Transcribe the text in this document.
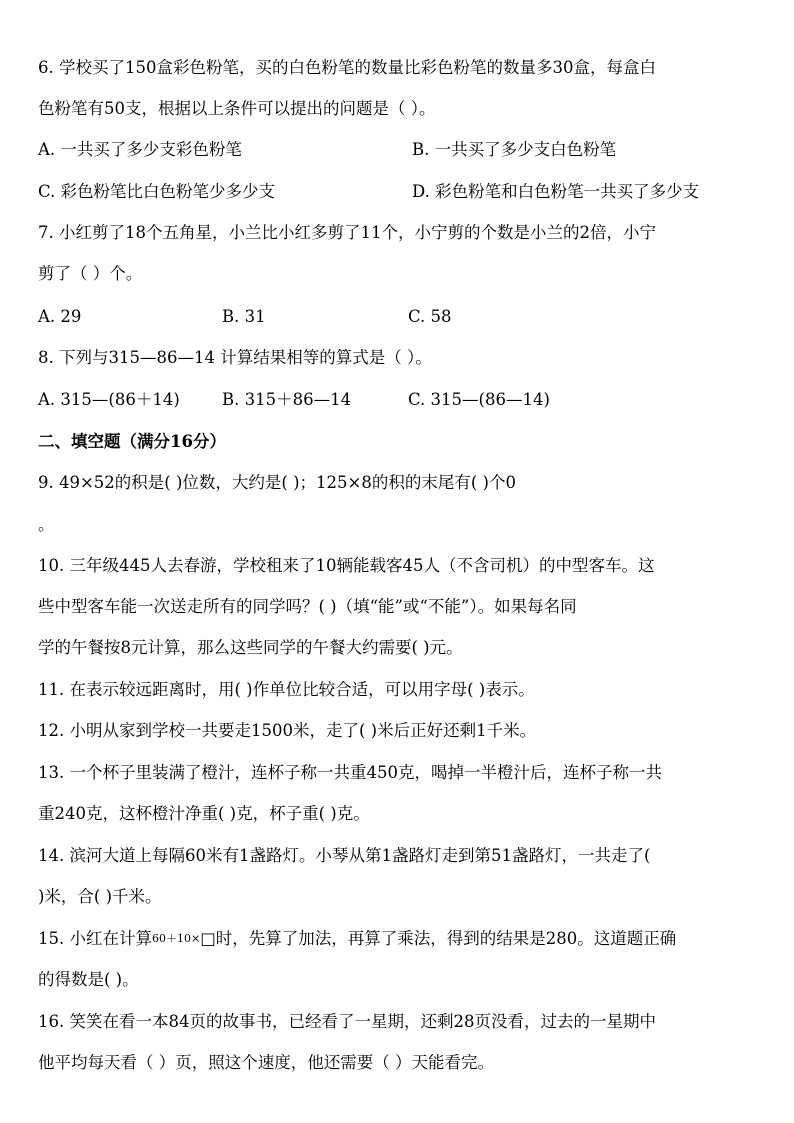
6. 学校买了150盒彩色粉笔，买的白色粉笔的数量比彩色粉笔的数量多30盒，每盒白
色粉笔有50支，根据以上条件可以提出的问题是（ ）。
A. 一共买了多少支彩色粉笔	B. 一共买了多少支白色粉笔
C. 彩色粉笔比白色粉笔少多少支	D. 彩色粉笔和白色粉笔一共买了多少支
7. 小红剪了18个五角星，小兰比小红多剪了11个，小宁剪的个数是小兰的2倍，小宁
剪了（ ）个。
A. 29	B. 31	C. 58
8. 下列与315—86—14 计算结果相等的算式是（ ）。
A. 315—(86＋14)	B. 315＋86—14	C. 315—(86—14)
二、填空题（满分16分）
9. 49×52的积是( )位数，大约是( )；125×8的积的末尾有( )个0
。
10. 三年级445人去春游，学校租来了10辆能载客45人（不含司机）的中型客车。这
些中型客车能一次送走所有的同学吗？( )（填“能”或“不能”）。如果每名同
学的午餐按8元计算，那么这些同学的午餐大约需要( )元。
11. 在表示较远距离时，用( )作单位比较合适，可以用字母( )表示。
12. 小明从家到学校一共要走1500米，走了( )米后正好还剩1千米。
13. 一个杯子里装满了橙汁，连杯子称一共重450克，喝掉一半橙汁后，连杯子称一共
重240克，这杯橙汁净重( )克，杯子重( )克。
14. 滨河大道上每隔60米有1盏路灯。小琴从第1盏路灯走到第51盏路灯，一共走了(
)米，合( )千米。
15. 小红在计算60＋10×□时，先算了加法，再算了乘法，得到的结果是280。这道题正确
的得数是( )。
16. 笑笑在看一本84页的故事书，已经看了一星期，还剩28页没看，过去的一星期中
他平均每天看（ ）页，照这个速度，他还需要（ ）天能看完。
